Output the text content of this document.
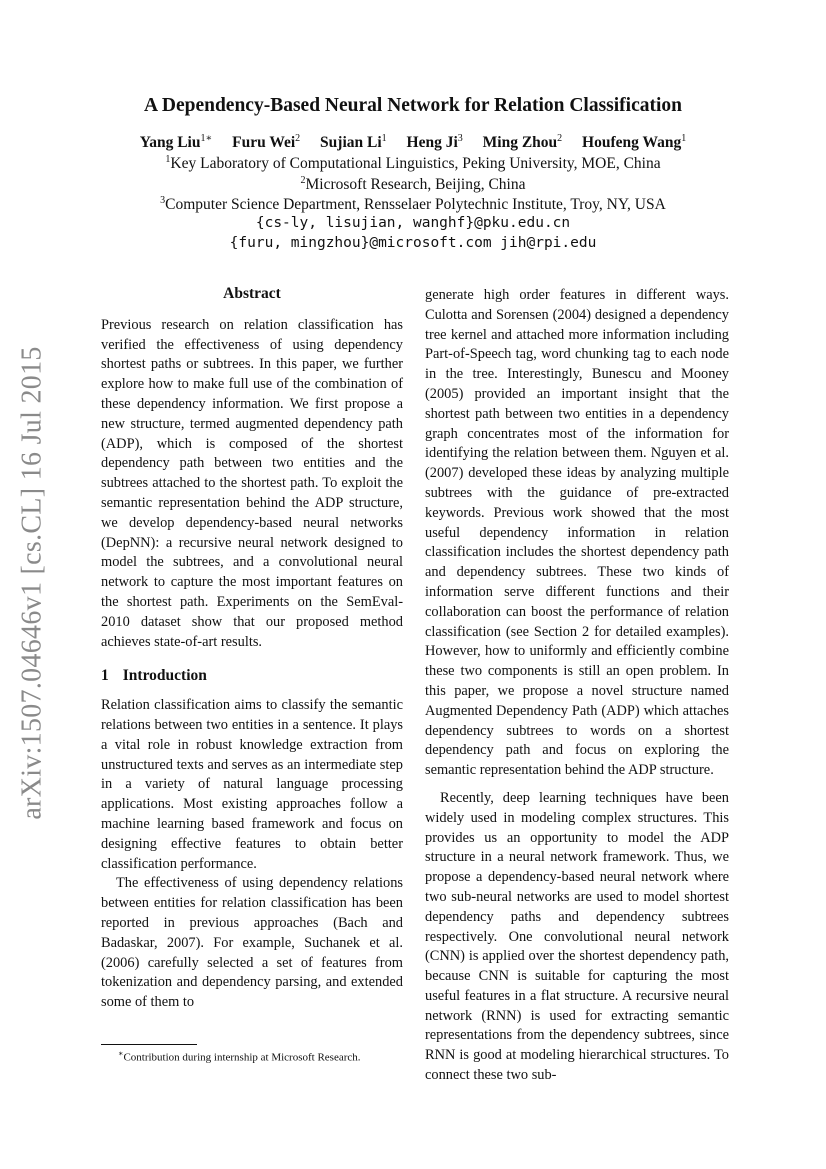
arXiv:1507.04646v1 [cs.CL] 16 Jul 2015
A Dependency-Based Neural Network for Relation Classification
Yang Liu$^{1∗}$ Furu Wei$^2$ Sujian Li$^1$ Heng Ji$^3$ Ming Zhou$^2$ Houfeng Wang$^1$
$^1$Key Laboratory of Computational Linguistics, Peking University, MOE, China
$^2$Microsoft Research, Beijing, China
$^3$Computer Science Department, Rensselaer Polytechnic Institute, Troy, NY, USA
{cs-ly, lisujian, wanghf}@pku.edu.cn
{furu, mingzhou}@microsoft.com jih@rpi.edu
Abstract

Previous research on relation classification has verified the effectiveness of using dependency shortest paths or subtrees. In this paper, we further explore how to make full use of the combination of these dependency information. We first propose a new structure, termed augmented dependency path (ADP), which is composed of the shortest dependency path between two entities and the subtrees attached to the shortest path. To exploit the semantic representation behind the ADP structure, we develop dependency-based neural networks (DepNN): a recursive neural network designed to model the subtrees, and a convolutional neural network to capture the most important features on the shortest path. Experiments on the SemEval-2010 dataset show that our proposed method achieves state-of-art results.

1 Introduction

Relation classification aims to classify the semantic relations between two entities in a sentence. It plays a vital role in robust knowledge extraction from unstructured texts and serves as an intermediate step in a variety of natural language processing applications. Most existing approaches follow a machine learning based framework and focus on designing effective features to obtain better classification performance.

The effectiveness of using dependency relations between entities for relation classification has been reported in previous approaches (Bach and Badaskar, 2007). For example, Suchanek et al. (2006) carefully selected a set of features from tokenization and dependency parsing, and extended some of them to

generate high order features in different ways. Culotta and Sorensen (2004) designed a dependency tree kernel and attached more information including Part-of-Speech tag, word chunking tag to each node in the tree. Interestingly, Bunescu and Mooney (2005) provided an important insight that the shortest path between two entities in a dependency graph concentrates most of the information for identifying the relation between them. Nguyen et al. (2007) developed these ideas by analyzing multiple subtrees with the guidance of pre-extracted keywords. Previous work showed that the most useful dependency information in relation classification includes the shortest dependency path and dependency subtrees. These two kinds of information serve different functions and their collaboration can boost the performance of relation classification (see Section 2 for detailed examples). However, how to uniformly and efficiently combine these two components is still an open problem. In this paper, we propose a novel structure named Augmented Dependency Path (ADP) which attaches dependency subtrees to words on a shortest dependency path and focus on exploring the semantic representation behind the ADP structure.

Recently, deep learning techniques have been widely used in modeling complex structures. This provides us an opportunity to model the ADP structure in a neural network framework. Thus, we propose a dependency-based neural network where two sub-neural networks are used to model shortest dependency paths and dependency subtrees respectively. One convolutional neural network (CNN) is applied over the shortest dependency path, because CNN is suitable for capturing the most useful features in a flat structure. A recursive neural network (RNN) is used for extracting semantic representations from the dependency subtrees, since RNN is good at modeling hierarchical structures. To connect these two sub-

∗Contribution during internship at Microsoft Research.
